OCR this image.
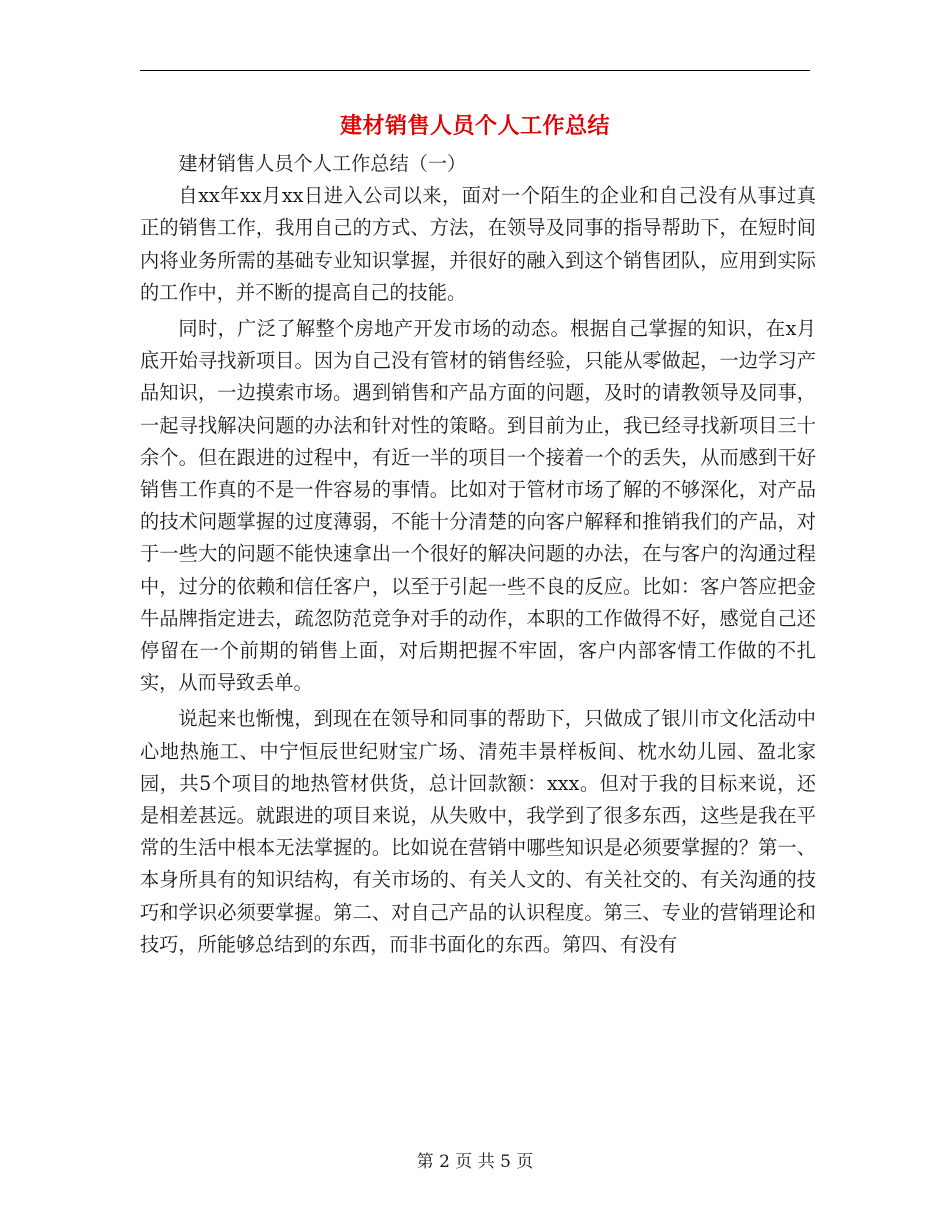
建材销售人员个人工作总结

建材销售人员个人工作总结（一）

自xx年xx月xx日进入公司以来，面对一个陌生的企业和自己没有从事过真正的销售工作，我用自己的方式、方法，在领导及同事的指导帮助下，在短时间内将业务所需的基础专业知识掌握，并很好的融入到这个销售团队，应用到实际的工作中，并不断的提高自己的技能。

同时，广泛了解整个房地产开发市场的动态。根据自己掌握的知识，在x月底开始寻找新项目。因为自己没有管材的销售经验，只能从零做起，一边学习产品知识，一边摸索市场。遇到销售和产品方面的问题，及时的请教领导及同事，一起寻找解决问题的办法和针对性的策略。到目前为止，我已经寻找新项目三十余个。但在跟进的过程中，有近一半的项目一个接着一个的丢失，从而感到干好销售工作真的不是一件容易的事情。比如对于管材市场了解的不够深化，对产品的技术问题掌握的过度薄弱，不能十分清楚的向客户解释和推销我们的产品，对于一些大的问题不能快速拿出一个很好的解决问题的办法，在与客户的沟通过程中，过分的依赖和信任客户，以至于引起一些不良的反应。比如：客户答应把金牛品牌指定进去，疏忽防范竞争对手的动作，本职的工作做得不好，感觉自己还停留在一个前期的销售上面，对后期把握不牢固，客户内部客情工作做的不扎实，从而导致丢单。

说起来也惭愧，到现在在领导和同事的帮助下，只做成了银川市文化活动中心地热施工、中宁恒辰世纪财宝广场、清苑丰景样板间、枕水幼儿园、盈北家园，共5个项目的地热管材供货，总计回款额：xxx。但对于我的目标来说，还是相差甚远。就跟进的项目来说，从失败中，我学到了很多东西，这些是我在平常的生活中根本无法掌握的。比如说在营销中哪些知识是必须要掌握的？第一、本身所具有的知识结构，有关市场的、有关人文的、有关社交的、有关沟通的技巧和学识必须要掌握。第二、对自己产品的认识程度。第三、专业的营销理论和技巧，所能够总结到的东西，而非书面化的东西。第四、有没有

第 2 页 共 5 页
